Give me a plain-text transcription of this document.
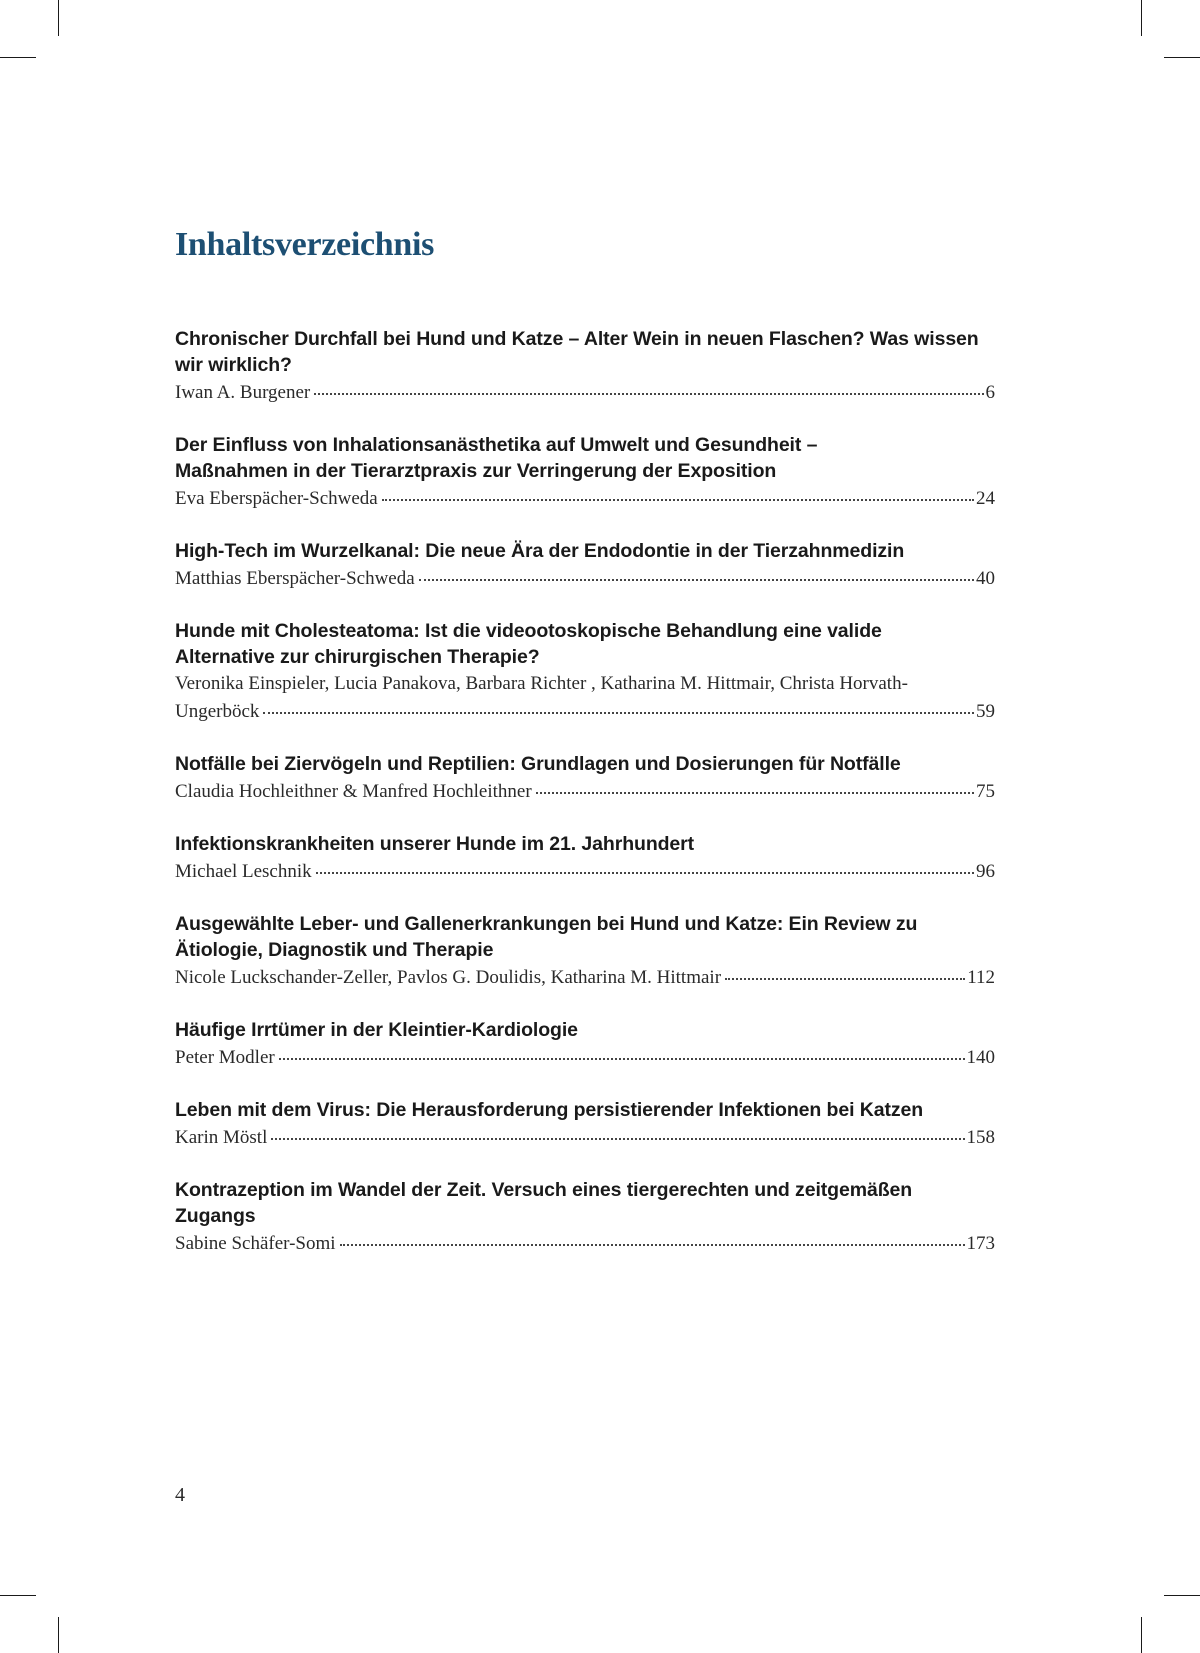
Inhaltsverzeichnis
Chronischer Durchfall bei Hund und Katze – Alter Wein in neuen Flaschen? Was wissen wir wirklich?
Iwan A. Burgener	6
Der Einfluss von Inhalationsanästhetika auf Umwelt und Gesundheit – Maßnahmen in der Tierarztpraxis zur Verringerung der Exposition
Eva Eberspächer-Schweda	24
High-Tech im Wurzelkanal: Die neue Ära der Endodontie in der Tierzahnmedizin
Matthias Eberspächer-Schweda	40
Hunde mit Cholesteatoma: Ist die videootoskopische Behandlung eine valide Alternative zur chirurgischen Therapie?
Veronika Einspieler, Lucia Panakova, Barbara Richter , Katharina M. Hittmair, Christa Horvath-
Ungerböck	59
Notfälle bei Ziervögeln und Reptilien: Grundlagen und Dosierungen für Notfälle
Claudia Hochleithner & Manfred Hochleithner	75
Infektionskrankheiten unserer Hunde im 21. Jahrhundert
Michael Leschnik	96
Ausgewählte Leber- und Gallenerkrankungen bei Hund und Katze: Ein Review zu Ätiologie, Diagnostik und Therapie
Nicole Luckschander-Zeller, Pavlos G. Doulidis, Katharina M. Hittmair	112
Häufige Irrtümer in der Kleintier-Kardiologie
Peter Modler	140
Leben mit dem Virus: Die Herausforderung persistierender Infektionen bei Katzen
Karin Möstl	158
Kontrazeption im Wandel der Zeit. Versuch eines tiergerechten und zeitgemäßen Zugangs
Sabine Schäfer-Somi	173
4
